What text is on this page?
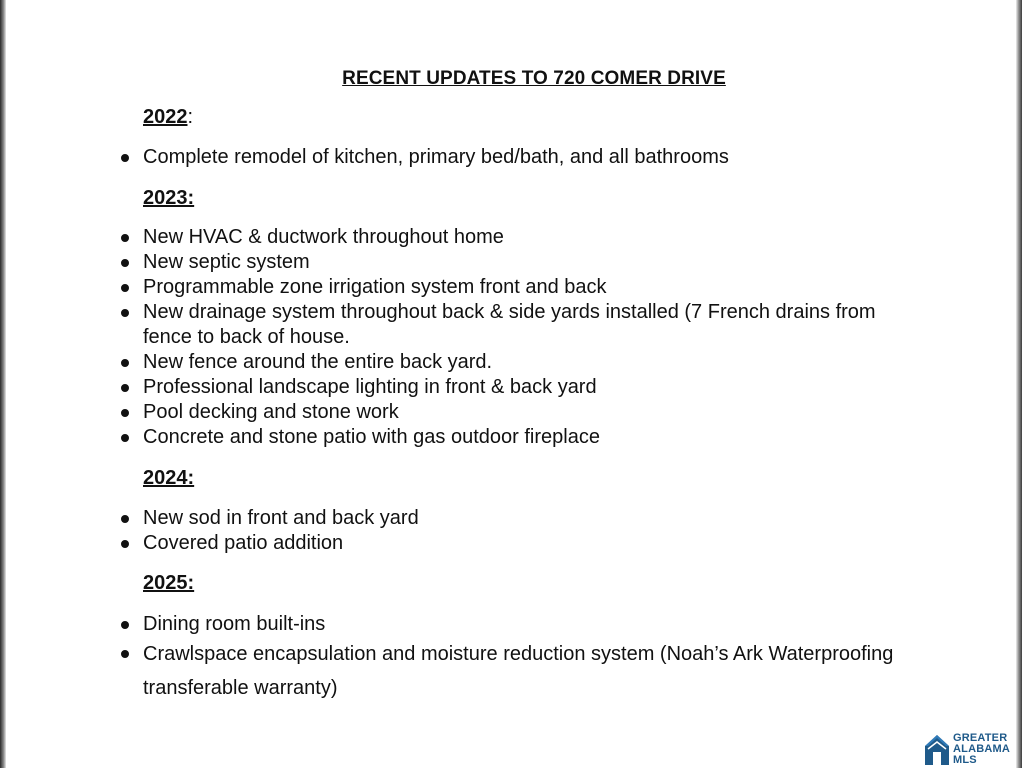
RECENT UPDATES TO 720 COMER DRIVE
2022:
Complete remodel of kitchen, primary bed/bath, and all bathrooms
2023:
New HVAC & ductwork throughout home
New septic system
Programmable zone irrigation system front and back
New drainage system throughout back & side yards installed (7 French drains from fence to back of house.
New fence around the entire back yard.
Professional landscape lighting in front & back yard
Pool decking and stone work
Concrete and stone patio with gas outdoor fireplace
2024:
New sod in front and back yard
Covered patio addition
2025:
Dining room built-ins
Crawlspace encapsulation and moisture reduction system (Noah’s Ark Waterproofing transferable warranty)
GREATER
ALABAMA
MLS
